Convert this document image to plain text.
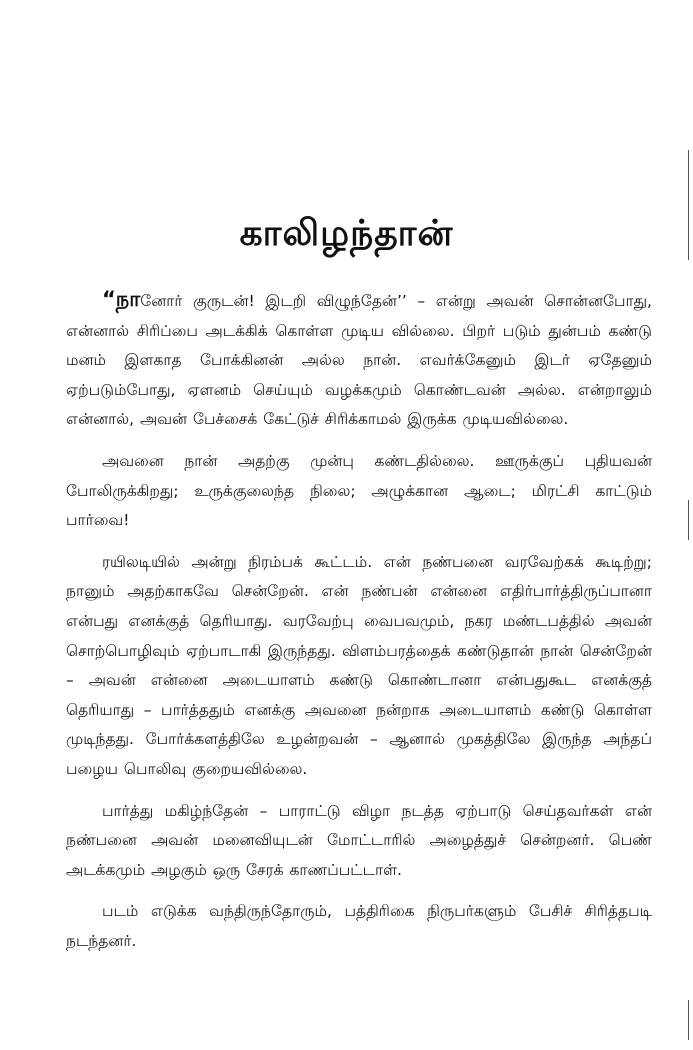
காலிழந்தான்

“நானோர் குருடன்! இடறி விழுந்தேன்’’ – என்று அவன் சொன்னபோது, என்னால் சிரிப்பை அடக்கிக் கொள்ள முடிய வில்லை. பிறர் படும் துன்பம் கண்டு மனம் இளகாத போக்கினன் அல்ல நான். எவர்க்கேனும் இடர் ஏதேனும் ஏற்படும்போது, ஏளனம் செய்யும் வழக்கமும் கொண்டவன் அல்ல. என்றாலும் என்னால், அவன் பேச்சைக் கேட்டுச் சிரிக்காமல் இருக்க முடியவில்லை.

அவனை நான் அதற்கு முன்பு கண்டதில்லை. ஊருக்குப் புதியவன் போலிருக்கிறது; உருக்குலைந்த நிலை; அழுக்கான ஆடை; மிரட்சி காட்டும் பார்வை!

ரயிலடியில் அன்று நிரம்பக் கூட்டம். என் நண்பனை வரவேற்கக் கூடிற்று; நானும் அதற்காகவே சென்றேன். என் நண்பன் என்னை எதிர்பார்த்திருப்பானா என்பது எனக்குத் தெரியாது. வரவேற்பு வைபவமும், நகர மண்டபத்தில் அவன் சொற்பொழிவும் ஏற்பாடாகி இருந்தது. விளம்பரத்தைக் கண்டுதான் நான் சென்றேன் – அவன் என்னை அடையாளம் கண்டு கொண்டானா என்பதுகூட எனக்குத் தெரியாது – பார்த்ததும் எனக்கு அவனை நன்றாக அடையாளம் கண்டு கொள்ள முடிந்தது. போர்க்களத்திலே உழன்றவன் – ஆனால் முகத்திலே இருந்த அந்தப் பழைய பொலிவு குறையவில்லை.

பார்த்து மகிழ்ந்தேன் – பாராட்டு விழா நடத்த ஏற்பாடு செய்தவர்கள் என் நண்பனை அவன் மனைவியுடன் மோட்டாரில் அழைத்துச் சென்றனர். பெண் அடக்கமும் அழகும் ஒரு சேரக் காணப்பட்டாள்.

படம் எடுக்க வந்திருந்தோரும், பத்திரிகை நிருபர்களும் பேசிச் சிரித்தபடி நடந்தனர்.
